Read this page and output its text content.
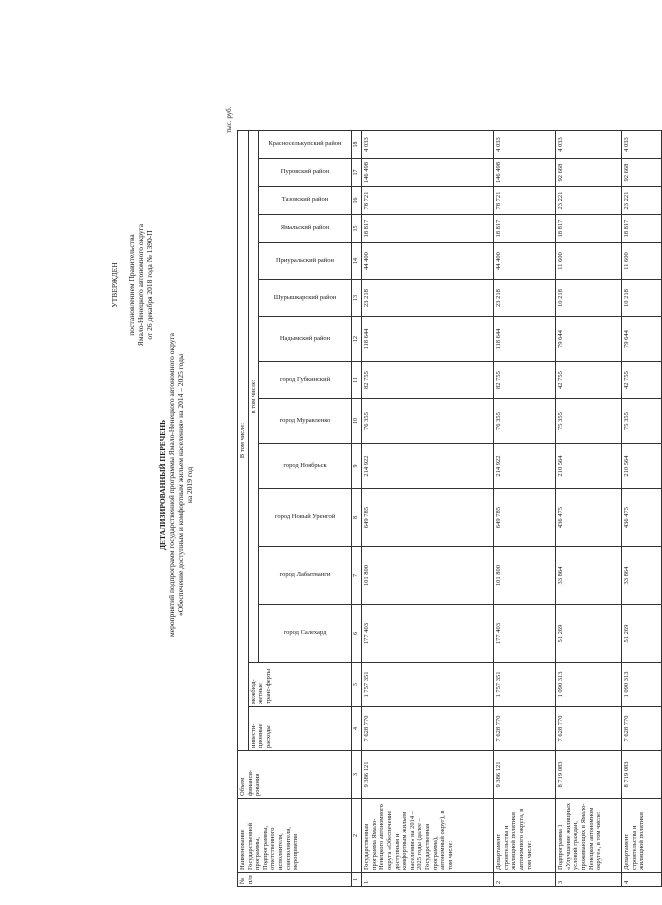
УТВЕРЖДЕН постановлением Правительства Ямало-Ненецкого автономного округа от 26 декабря 2018 года № 1390-П
ДЕТАЛИЗИРОВАННЫЙ ПЕРЕЧЕНЬ мероприятий подпрограмм государственной программы Ямало-Ненецкого автономного округа «Обеспечение доступным и комфортным жильем населения» на 2014 – 2025 годы на 2019 год
тыс. руб.
№ п/п	Наименование Государственной программы, Подпрограммы, ответственного исполнителя, соисполнителя, мероприятия	Объем финанси-рования	В том числе:														
			инвести-ционные расходы	межбюд-жетные транс-ферты	в том числе:												

					город Салехард	город Лабытнанги	город Новый Уренгой	город Ноябрьск	город Муравленко	город Губкинский	Надымский район	Шурышкарский район	Приуральский район	Ямальский район	Тазовский район	Пуровский район	Красноселькупский район

1	2	3	4	5	6	7	8	9	10	11	12	13	14	15	16	17	18
1	Государственная программа Ямало-Ненецкого автономного округа «Обеспечение доступным и комфортным жильем населения» на 2014 – 2025 годы (далее – Государственная программа), автономный округ), в том числе:	9 386 121	7 628 770	1 757 351	177 403	101 800	649 785	214 922	76 355	82 755	118 644	23 218	44 400	18 817	78 721	146 498	4 033
2	Департамент строительства и жилищной политики автономного округа, в том числе:	9 386 121	7 628 770	1 757 351	177 403	101 800	649 785	214 922	76 355	82 755	118 644	23 218	44 400	18 817	78 721	146 498	4 033
3	Подпрограмма 1 «Улучшение жилищных условий граждан, проживающих в Ямало-Ненецком автономном округе», в том числе:	8 719 083	7 628 770	1 090 313	51 269	33 864	436 475	210 564	75 355	42 755	79 644	10 218	11 600	18 817	23 221	92 668	4 033
4	Департамент строительства и жилищной политики	8 719 083	7 628 770	1 090 313	51 269	33 864	436 475	210 564	75 355	42 755	79 644	10 218	11 600	18 817	23 221	92 668	4 033
